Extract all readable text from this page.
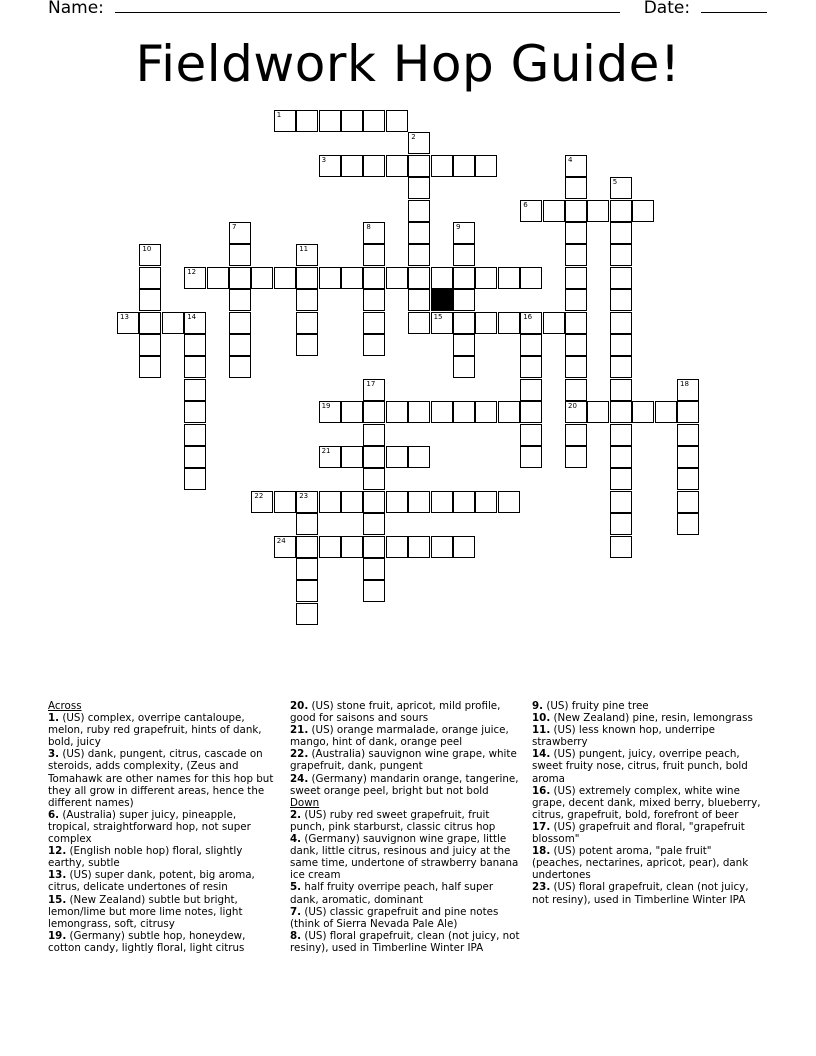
Name:	Date:
Fieldwork Hop Guide!
1
2
3	4
20
5
6
7	8	9
10	11
12
13	14	15	16
17	18
19
21
22	23
24
Across
1. (US) complex, overripe cantaloupe, melon, ruby red grapefruit, hints of dank, bold, juicy
3. (US) dank, pungent, citrus, cascade on steroids, adds complexity, (Zeus and Tomahawk are other names for this hop but they all grow in different areas, hence the different names)
6. (Australia) super juicy, pineapple, tropical, straightforward hop, not super complex
12. (English noble hop) floral, slightly earthy, subtle
13. (US) super dank, potent, big aroma, citrus, delicate undertones of resin
15. (New Zealand) subtle but bright, lemon/lime but more lime notes, light lemongrass, soft, citrusy
19. (Germany) subtle hop, honeydew, cotton candy, lightly floral, light citrus
20. (US) stone fruit, apricot, mild profile, good for saisons and sours
21. (US) orange marmalade, orange juice, mango, hint of dank, orange peel
22. (Australia) sauvignon wine grape, white grapefruit, dank, pungent
24. (Germany) mandarin orange, tangerine, sweet orange peel, bright but not bold
Down
2. (US) ruby red sweet grapefruit, fruit punch, pink starburst, classic citrus hop
4. (Germany) sauvignon wine grape, little dank, little citrus, resinous and juicy at the same time, undertone of strawberry banana ice cream
5. half fruity overripe peach, half super dank, aromatic, dominant
7. (US) classic grapefruit and pine notes (think of Sierra Nevada Pale Ale)
8. (US) floral grapefruit, clean (not juicy, not resiny), used in Timberline Winter IPA
9. (US) fruity pine tree
10. (New Zealand) pine, resin, lemongrass
11. (US) less known hop, underripe strawberry
14. (US) pungent, juicy, overripe peach, sweet fruity nose, citrus, fruit punch, bold aroma
16. (US) extremely complex, white wine grape, decent dank, mixed berry, blueberry, citrus, grapefruit, bold, forefront of beer
17. (US) grapefruit and floral, "grapefruit blossom"
18. (US) potent aroma, "pale fruit" (peaches, nectarines, apricot, pear), dank undertones
23. (US) floral grapefruit, clean (not juicy, not resiny), used in Timberline Winter IPA
